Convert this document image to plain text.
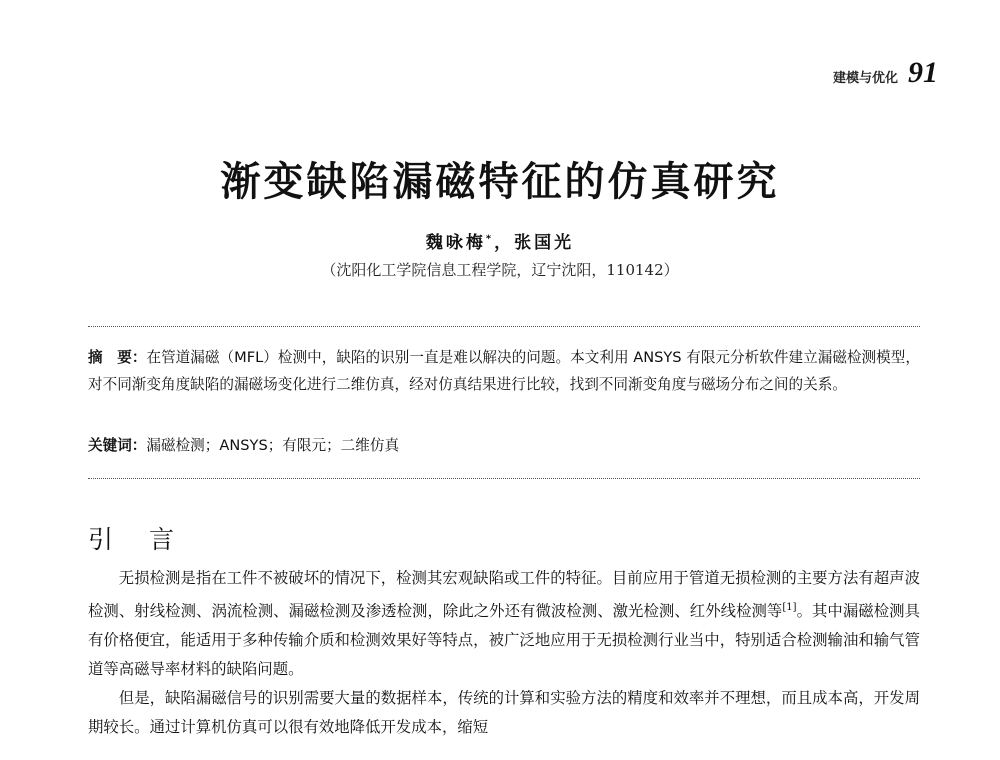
建模与优化 91
渐变缺陷漏磁特征的仿真研究
魏咏梅*，张国光
（沈阳化工学院信息工程学院，辽宁沈阳，110142）
摘　要：在管道漏磁（MFL）检测中，缺陷的识别一直是难以解决的问题。本文利用 ANSYS 有限元分析软件建立漏磁检测模型，对不同渐变角度缺陷的漏磁场变化进行二维仿真，经对仿真结果进行比较，找到不同渐变角度与磁场分布之间的关系。
关键词：漏磁检测；ANSYS；有限元；二维仿真
引 言

无损检测是指在工件不被破坏的情况下，检测其宏观缺陷或工件的特征。目前应用于管道无损检测的主要方法有超声波检测、射线检测、涡流检测、漏磁检测及渗透检测，除此之外还有微波检测、激光检测、红外线检测等[1]。其中漏磁检测具有价格便宜，能适用于多种传输介质和检测效果好等特点，被广泛地应用于无损检测行业当中，特别适合检测输油和输气管道等高磁导率材料的缺陷问题。

但是，缺陷漏磁信号的识别需要大量的数据样本，传统的计算和实验方法的精度和效率并不理想，而且成本高，开发周期较长。通过计算机仿真可以很有效地降低开发成本，缩短
